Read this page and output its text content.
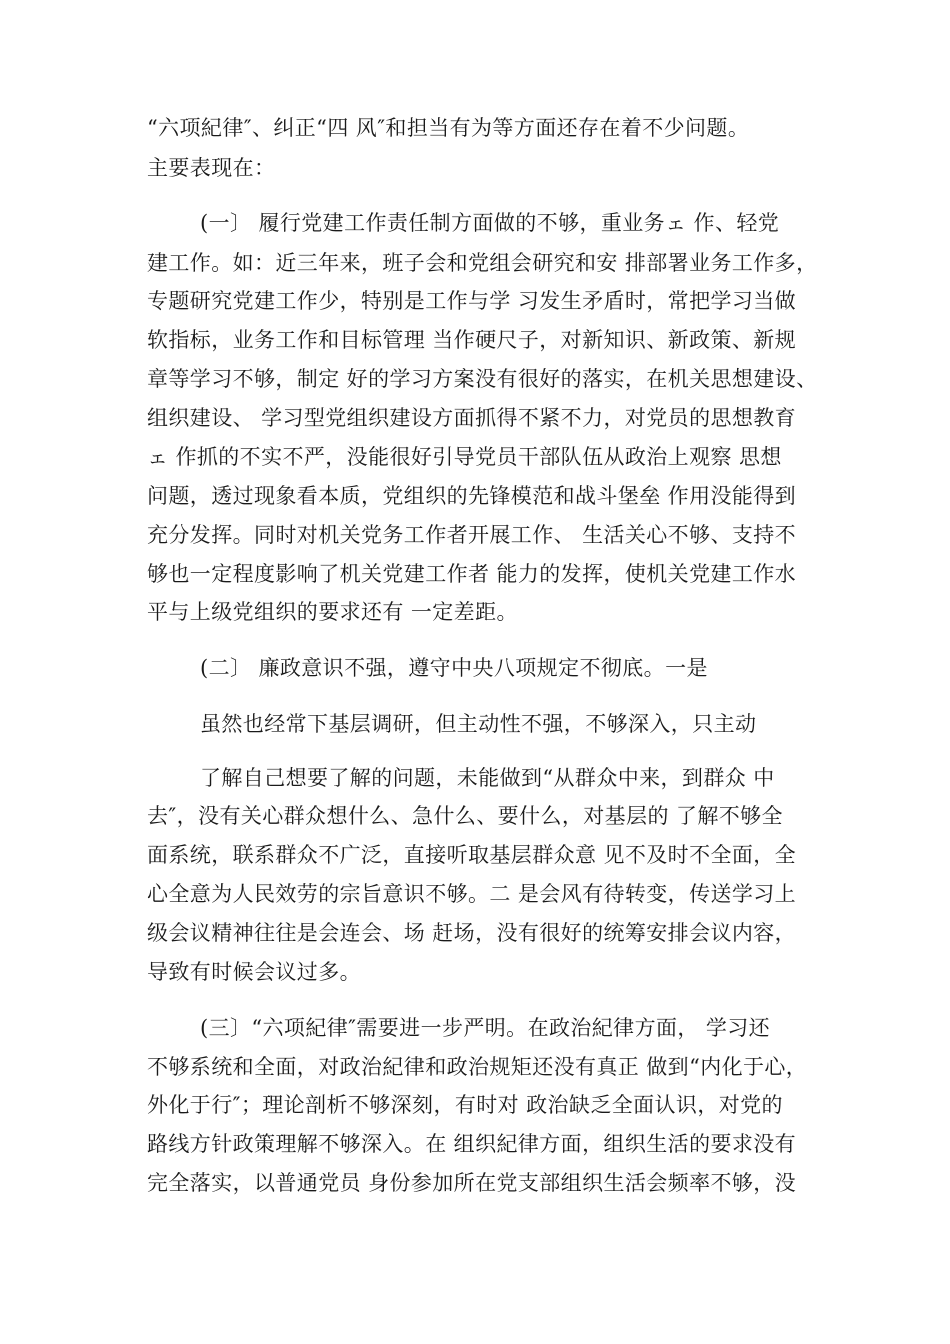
“六项紀律″、纠正“四 风″和担当有为等方面还存在着不少问题。

主要表现在：

(一〕 履行党建工作责任制方面做的不够，重业务ェ 作、轻党

建工作。如：近三年来，班子会和党组会研究和安 排部署业务工作多，

专题研究党建工作少，特别是工作与学 习发生矛盾时，常把学习当做

软指标，业务工作和目标管理 当作硬尺子，对新知识、新政策、新规

章等学习不够，制定 好的学习方案没有很好的落实，在机关思想建设、

组织建设、 学习型党组织建设方面抓得不紧不力，对党员的思想教育

ェ 作抓的不实不严，没能很好引导党员干部队伍从政治上观察 思想

问题，透过现象看本质，党组织的先锋模范和战斗堡垒 作用没能得到

充分发挥。同时对机关党务工作者开展工作、 生活关心不够、支持不

够也一定程度影响了机关党建工作者 能力的发挥，使机关党建工作水

平与上级党组织的要求还有 一定差距。

(二〕 廉政意识不强，遵守中央八项规定不彻底。一是

虽然也经常下基层调研，但主动性不强，不够深入，只主动

了解自己想要了解的问题，未能做到“从群众中来，到群众 中

去″，没有关心群众想什么、急什么、要什么，对基层的 了解不够全

面系统，联系群众不广泛，直接听取基层群众意 见不及时不全面，全

心全意为人民效劳的宗旨意识不够。二 是会风有待转变，传送学习上

级会议精神往往是会连会、场 赶场，没有很好的统筹安排会议内容，

导致有时候会议过多。

(三〕“六项紀律″需要进一步严明。在政治紀律方面， 学习还

不够系统和全面，对政治紀律和政治规矩还没有真正 做到“内化于心，

外化于行″；理论剖析不够深刻，有时对 政治缺乏全面认识，对党的

路线方针政策理解不够深入。在 组织紀律方面，组织生活的要求没有

完全落实，以普通党员 身份参加所在党支部组织生活会频率不够，没
